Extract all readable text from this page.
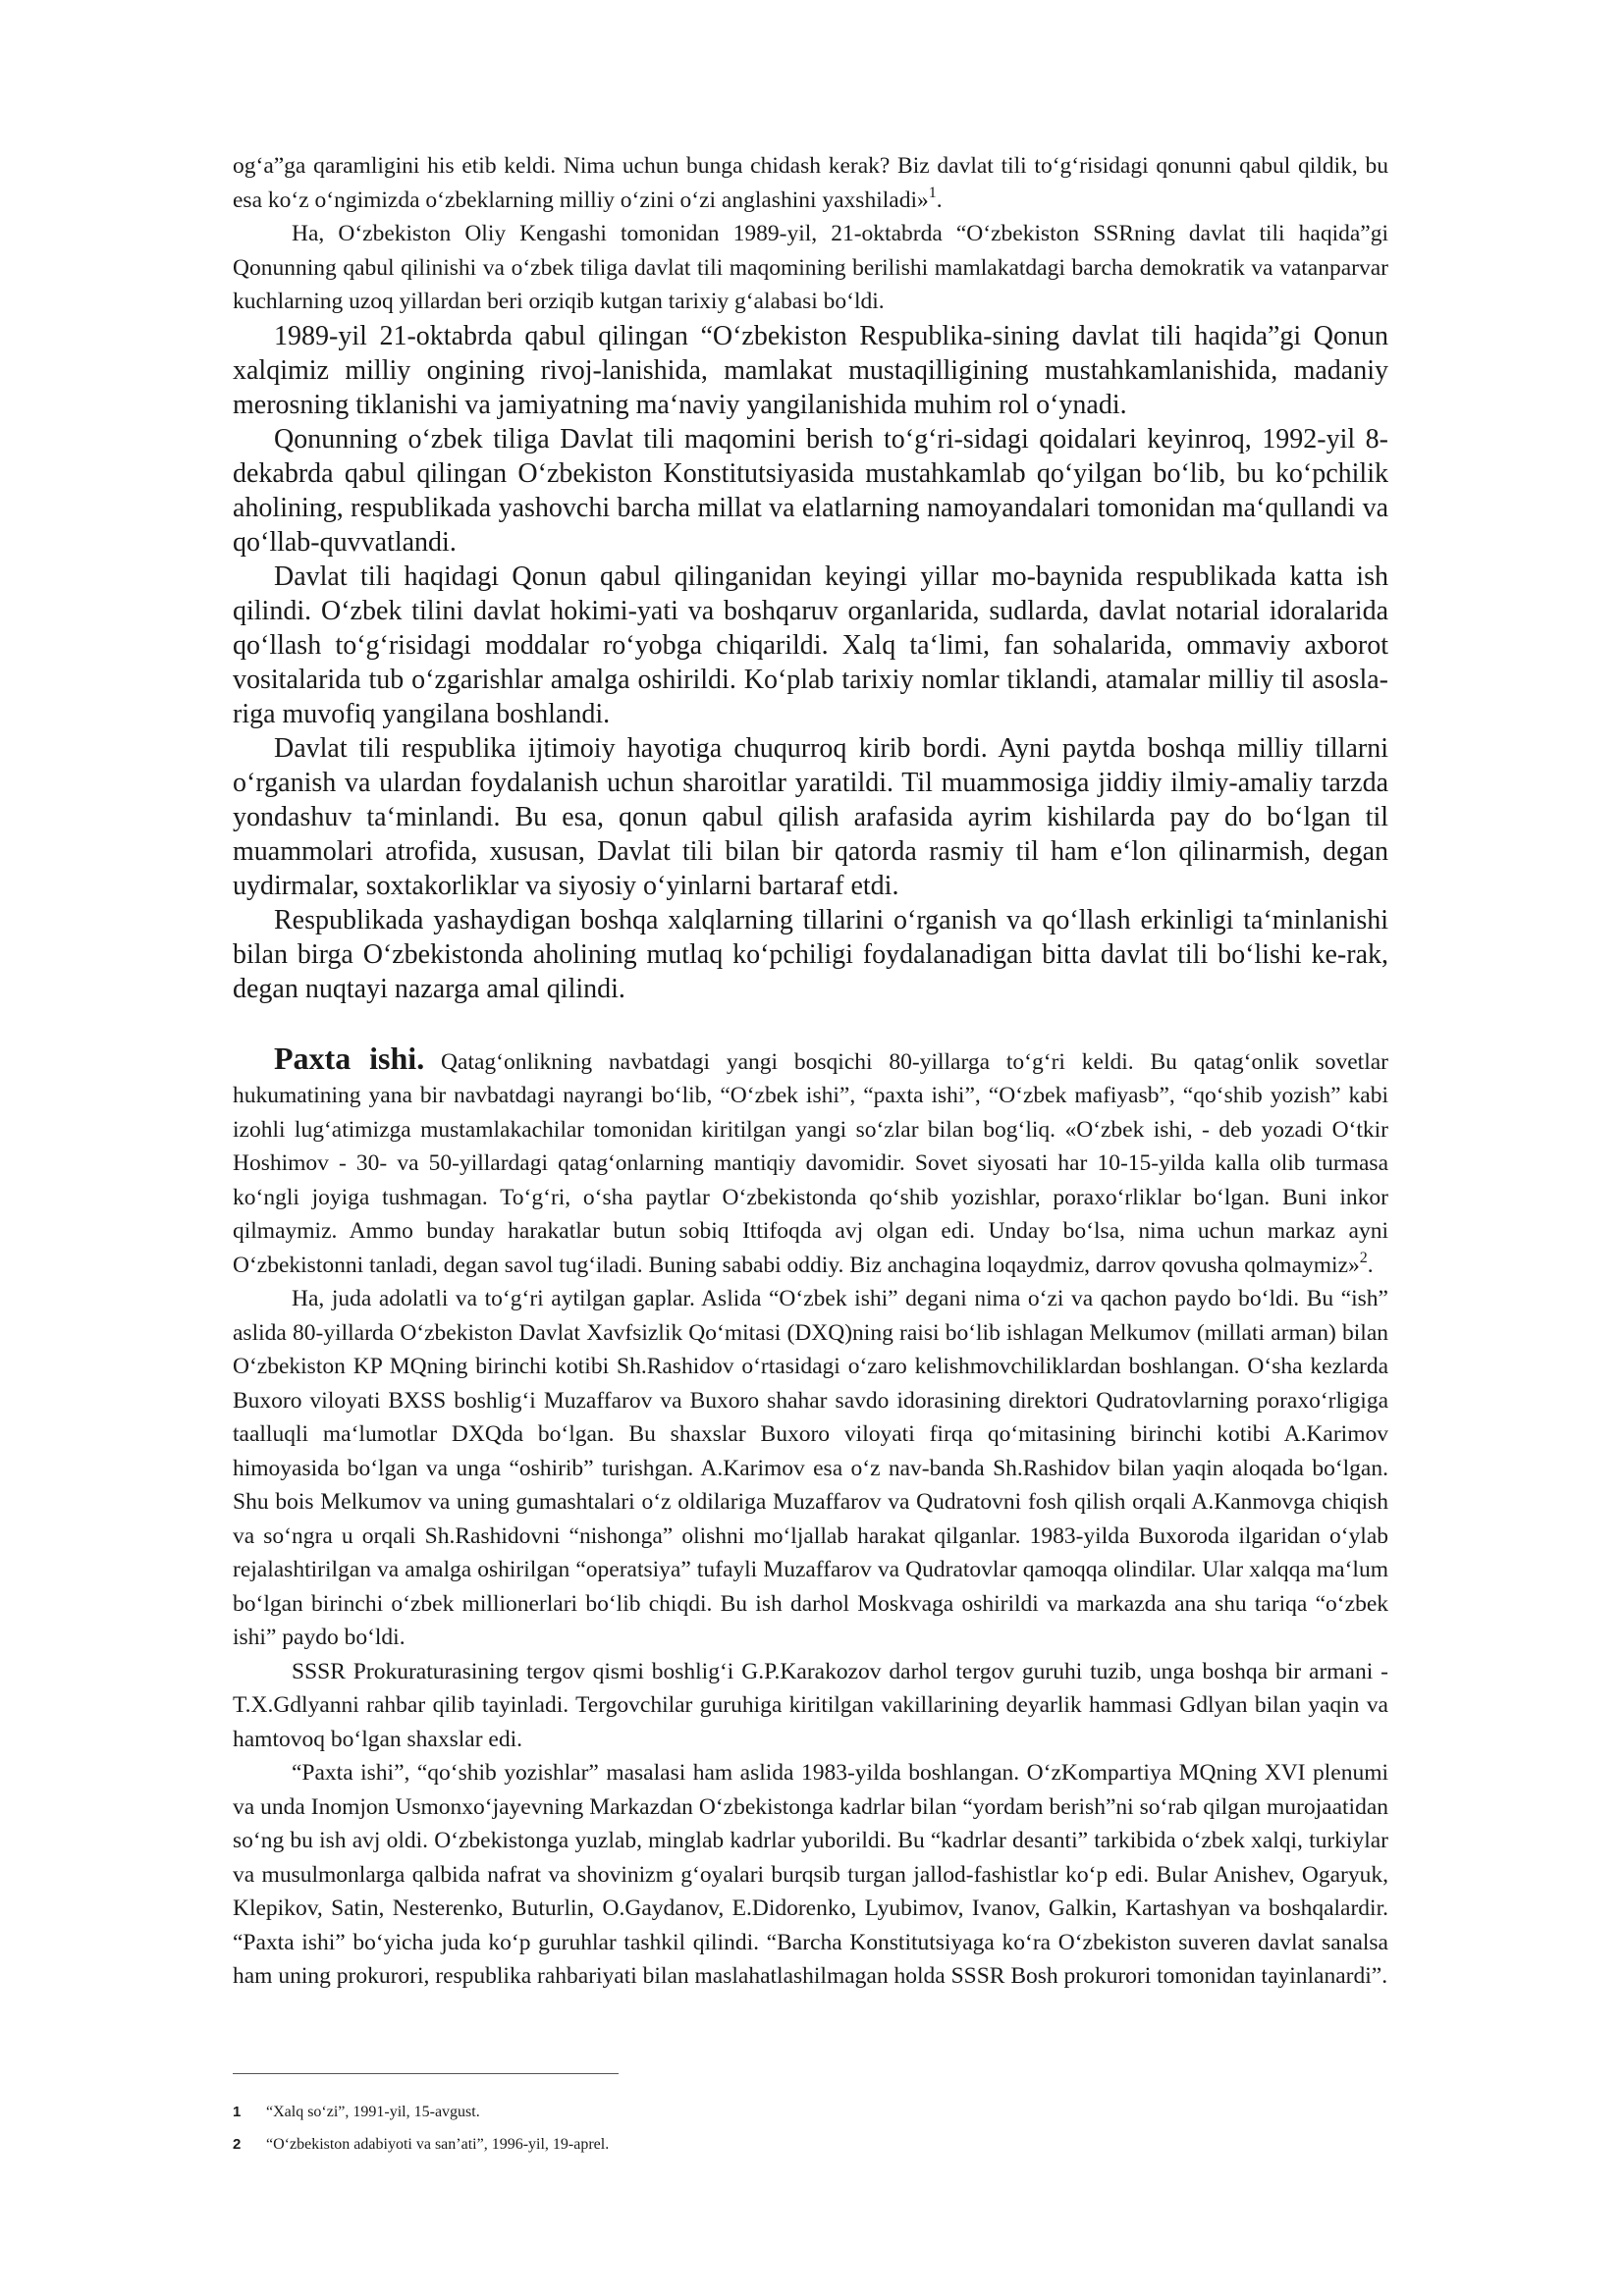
og‘a”ga qaramligini his etib keldi. Nima uchun bunga chidash kerak? Biz davlat tili to‘g‘risidagi qonunni qabul qildik, bu esa ko‘z o‘ngimizda o‘zbeklarning milliy o‘zini o‘zi anglashini yaxshiladi»$^1$.

Ha, O‘zbekiston Oliy Kengashi tomonidan 1989-yil, 21-oktabrda “O‘zbekiston SSRning davlat tili haqida”gi Qonunning qabul qilinishi va o‘zbek tiliga davlat tili maqomining berilishi mamlakatdagi barcha demokratik va vatanparvar kuchlarning uzoq yillardan beri orziqib kutgan tarixiy g‘alabasi bo‘ldi.

1989-yil 21-oktabrda qabul qilingan “O‘zbekiston Respublika-sining davlat tili haqida”gi Qonun xalqimiz milliy ongining rivoj-lanishida, mamlakat mustaqilligining mustahkamlanishida, madaniy merosning tiklanishi va jamiyatning ma‘naviy yangilanishida muhim rol o‘ynadi.

Qonunning o‘zbek tiliga Davlat tili maqomini berish to‘g‘ri-sidagi qoidalari keyinroq, 1992-yil 8-dekabrda qabul qilingan O‘zbekiston Konstitutsiyasida mustahkamlab qo‘yilgan bo‘lib, bu ko‘pchilik aholining, respublikada yashovchi barcha millat va elatlarning namoyandalari tomonidan ma‘qullandi va qo‘llab-quvvatlandi.

Davlat tili haqidagi Qonun qabul qilinganidan keyingi yillar mo-baynida respublikada katta ish qilindi. O‘zbek tilini davlat hokimi-yati va boshqaruv organlarida, sudlarda, davlat notarial idoralarida qo‘llash to‘g‘risidagi moddalar ro‘yobga chiqarildi. Xalq ta‘limi, fan sohalarida, ommaviy axborot vositalarida tub o‘zgarishlar amalga oshirildi. Ko‘plab tarixiy nomlar tiklandi, atamalar milliy til asosla-riga muvofiq yangilana boshlandi.

Davlat tili respublika ijtimoiy hayotiga chuqurroq kirib bordi. Ayni paytda boshqa milliy tillarni o‘rganish va ulardan foydalanish uchun sharoitlar yaratildi. Til muammosiga jiddiy ilmiy-amaliy tarzda yondashuv ta‘minlandi. Bu esa, qonun qabul qilish arafasida ayrim kishilarda pay do bo‘lgan til muammolari atrofida, xususan, Davlat tili bilan bir qatorda rasmiy til ham e‘lon qilinarmish, degan uydirmalar, soxtakorliklar va siyosiy o‘yinlarni bartaraf etdi.

Respublikada yashaydigan boshqa xalqlarning tillarini o‘rganish va qo‘llash erkinligi ta‘minlanishi bilan birga O‘zbekistonda aholining mutlaq ko‘pchiligi foydalanadigan bitta davlat tili bo‘lishi ke-rak, degan nuqtayi nazarga amal qilindi.

Paxta ishi. Qatag‘onlikning navbatdagi yangi bosqichi 80-yillarga to‘g‘ri keldi. Bu qatag‘onlik sovetlar hukumatining yana bir navbatdagi nayrangi bo‘lib, “O‘zbek ishi”, “paxta ishi”, “O‘zbek mafiyasb”, “qo‘shib yozish” kabi izohli lug‘atimizga mustamlakachilar tomonidan kiritilgan yangi so‘zlar bilan bog‘liq. «O‘zbek ishi, - deb yozadi O‘tkir Hoshimov - 30- va 50-yillardagi qatag‘onlarning mantiqiy davomidir. Sovet siyosati har 10-15-yilda kalla olib turmasa ko‘ngli joyiga tushmagan. To‘g‘ri, o‘sha paytlar O‘zbekistonda qo‘shib yozishlar, poraxo‘rliklar bo‘lgan. Buni inkor qilmaymiz. Ammo bunday harakatlar butun sobiq Ittifoqda avj olgan edi. Unday bo‘lsa, nima uchun markaz ayni O‘zbekistonni tanladi, degan savol tug‘iladi. Buning sababi oddiy. Biz anchagina loqaydmiz, darrov qovusha qolmaymiz»$^2$.

Ha, juda adolatli va to‘g‘ri aytilgan gaplar. Aslida “O‘zbek ishi” degani nima o‘zi va qachon paydo bo‘ldi. Bu “ish” aslida 80-yillarda O‘zbekiston Davlat Xavfsizlik Qo‘mitasi (DXQ)ning raisi bo‘lib ishlagan Melkumov (millati arman) bilan O‘zbekiston KP MQning birinchi kotibi Sh.Rashidov o‘rtasidagi o‘zaro kelishmovchiliklardan boshlangan. O‘sha kezlarda Buxoro viloyati BXSS boshlig‘i Muzaffarov va Buxoro shahar savdo idorasining direktori Qudratovlarning poraxo‘rligiga taalluqli ma‘lumotlar DXQda bo‘lgan. Bu shaxslar Buxoro viloyati firqa qo‘mitasining birinchi kotibi A.Karimov himoyasida bo‘lgan va unga “oshirib” turishgan. A.Karimov esa o‘z nav-banda Sh.Rashidov bilan yaqin aloqada bo‘lgan. Shu bois Melkumov va uning gumashtalari o‘z oldilariga Muzaffarov va Qudratovni fosh qilish orqali A.Kanmovga chiqish va so‘ngra u orqali Sh.Rashidovni “nishonga” olishni mo‘ljallab harakat qilganlar. 1983-yilda Buxoroda ilgaridan o‘ylab rejalashtirilgan va amalga oshirilgan “operatsiya” tufayli Muzaffarov va Qudratovlar qamoqqa olindilar. Ular xalqqa ma‘lum bo‘lgan birinchi o‘zbek millionerlari bo‘lib chiqdi. Bu ish darhol Moskvaga oshirildi va markazda ana shu tariqa “o‘zbek ishi” paydo bo‘ldi.

SSSR Prokuraturasining tergov qismi boshlig‘i G.P.Karakozov darhol tergov guruhi tuzib, unga boshqa bir armani - T.X.Gdlyanni rahbar qilib tayinladi. Tergovchilar guruhiga kiritilgan vakillarining deyarlik hammasi Gdlyan bilan yaqin va hamtovoq bo‘lgan shaxslar edi.

“Paxta ishi”, “qo‘shib yozishlar” masalasi ham aslida 1983-yilda boshlangan. O‘zKompartiya MQning XVI plenumi va unda Inomjon Usmonxo‘jayevning Markazdan O‘zbekistonga kadrlar bilan “yordam berish”ni so‘rab qilgan murojaatidan so‘ng bu ish avj oldi. O‘zbekistonga yuzlab, minglab kadrlar yuborildi. Bu “kadrlar desanti” tarkibida o‘zbek xalqi, turkiylar va musulmonlarga qalbida nafrat va shovinizm g‘oyalari burqsib turgan jallod-fashistlar ko‘p edi. Bular Anishev, Ogaryuk, Klepikov, Satin, Nesterenko, Buturlin, O.Gaydanov, E.Didorenko, Lyubimov, Ivanov, Galkin, Kartashyan va boshqalardir. “Paxta ishi” bo‘yicha juda ko‘p guruhlar tashkil qilindi. “Barcha Konstitutsiyaga ko‘ra O‘zbekiston suveren davlat sanalsa ham uning prokurori, respublika rahbariyati bilan maslahatlashilmagan holda SSSR Bosh prokurori tomonidan tayinlanardi”.

1	“Xalq so‘zi”, 1991-yil, 15-avgust.
2	“O‘zbekiston adabiyoti va san’ati”, 1996-yil, 19-aprel.
